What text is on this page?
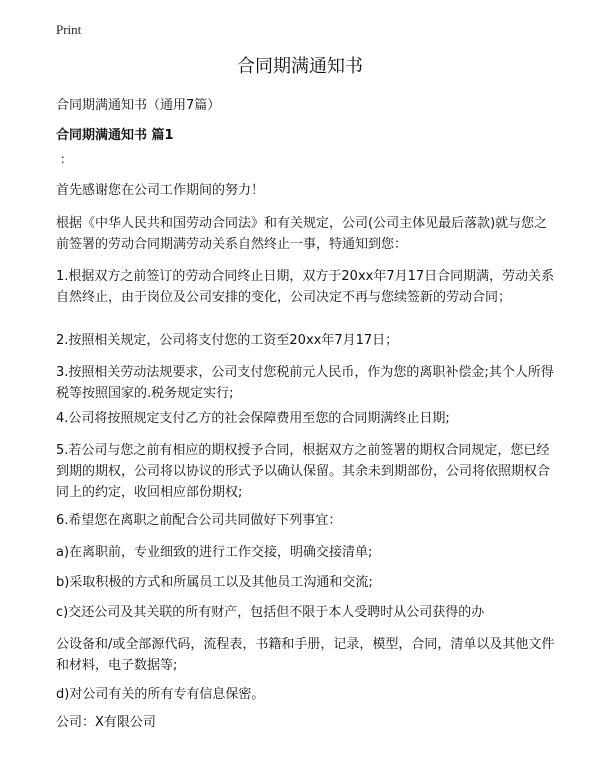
Print
合同期满通知书
合同期满通知书（通用7篇）
合同期满通知书 篇1
：
首先感谢您在公司工作期间的努力！
根据《中华人民共和国劳动合同法》和有关规定，公司(公司主体见最后落款)就与您之前签署的劳动合同期满劳动关系自然终止一事，特通知到您：
1.根据双方之前签订的劳动合同终止日期，双方于20xx年7月17日合同期满，劳动关系自然终止，由于岗位及公司安排的变化，公司决定不再与您续签新的劳动合同；
2.按照相关规定，公司将支付您的工资至20xx年7月17日；
3.按照相关劳动法规要求，公司支付您税前元人民币，作为您的离职补偿金;其个人所得税等按照国家的.税务规定实行;
4.公司将按照规定支付乙方的社会保障费用至您的合同期满终止日期;
5.若公司与您之前有相应的期权授予合同，根据双方之前签署的期权合同规定，您已经到期的期权，公司将以协议的形式予以确认保留。其余未到期部份，公司将依照期权合同上的约定，收回相应部份期权;
6.希望您在离职之前配合公司共同做好下列事宜：
a)在离职前，专业细致的进行工作交接，明确交接清单;
b)采取积极的方式和所属员工以及其他员工沟通和交流;
c)交还公司及其关联的所有财产，包括但不限于本人受聘时从公司获得的办
公设备和/或全部源代码，流程表，书籍和手册，记录，模型，合同，清单以及其他文件和材料，电子数据等;
d)对公司有关的所有专有信息保密。
公司：X有限公司
